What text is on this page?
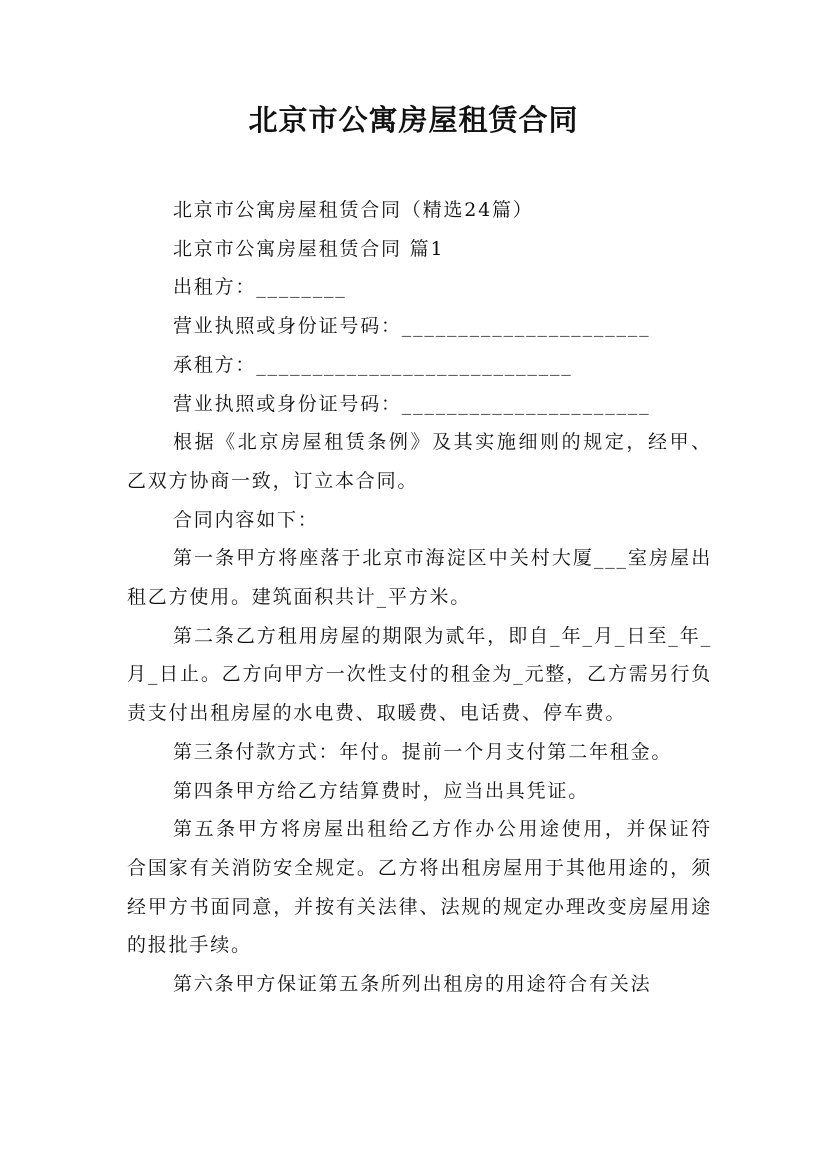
北京市公寓房屋租赁合同

北京市公寓房屋租赁合同（精选24篇）

北京市公寓房屋租赁合同 篇1

出租方：________

营业执照或身份证号码：______________________

承租方：____________________________

营业执照或身份证号码：______________________

根据《北京房屋租赁条例》及其实施细则的规定，经甲、乙双方协商一致，订立本合同。

合同内容如下：

第一条甲方将座落于北京市海淀区中关村大厦___室房屋出租乙方使用。建筑面积共计_平方米。

第二条乙方租用房屋的期限为贰年，即自_年_月_日至_年_月_日止。乙方向甲方一次性支付的租金为_元整，乙方需另行负责支付出租房屋的水电费、取暖费、电话费、停车费。

第三条付款方式：年付。提前一个月支付第二年租金。

第四条甲方给乙方结算费时，应当出具凭证。

第五条甲方将房屋出租给乙方作办公用途使用，并保证符合国家有关消防安全规定。乙方将出租房屋用于其他用途的，须经甲方书面同意，并按有关法律、法规的规定办理改变房屋用途的报批手续。

第六条甲方保证第五条所列出租房的用途符合有关法
